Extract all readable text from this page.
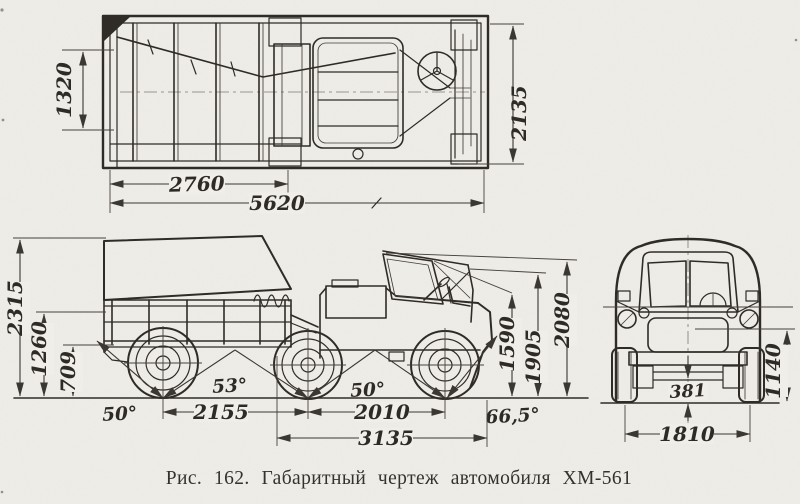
1320	2135
2760
5620
2315
1260 709
50°
53°	50°
66,5°
2155	2010
3135
1590 1905
2080
381
1810
1140
Рис. 162. Габаритный чертеж автомобиля ХМ-561
